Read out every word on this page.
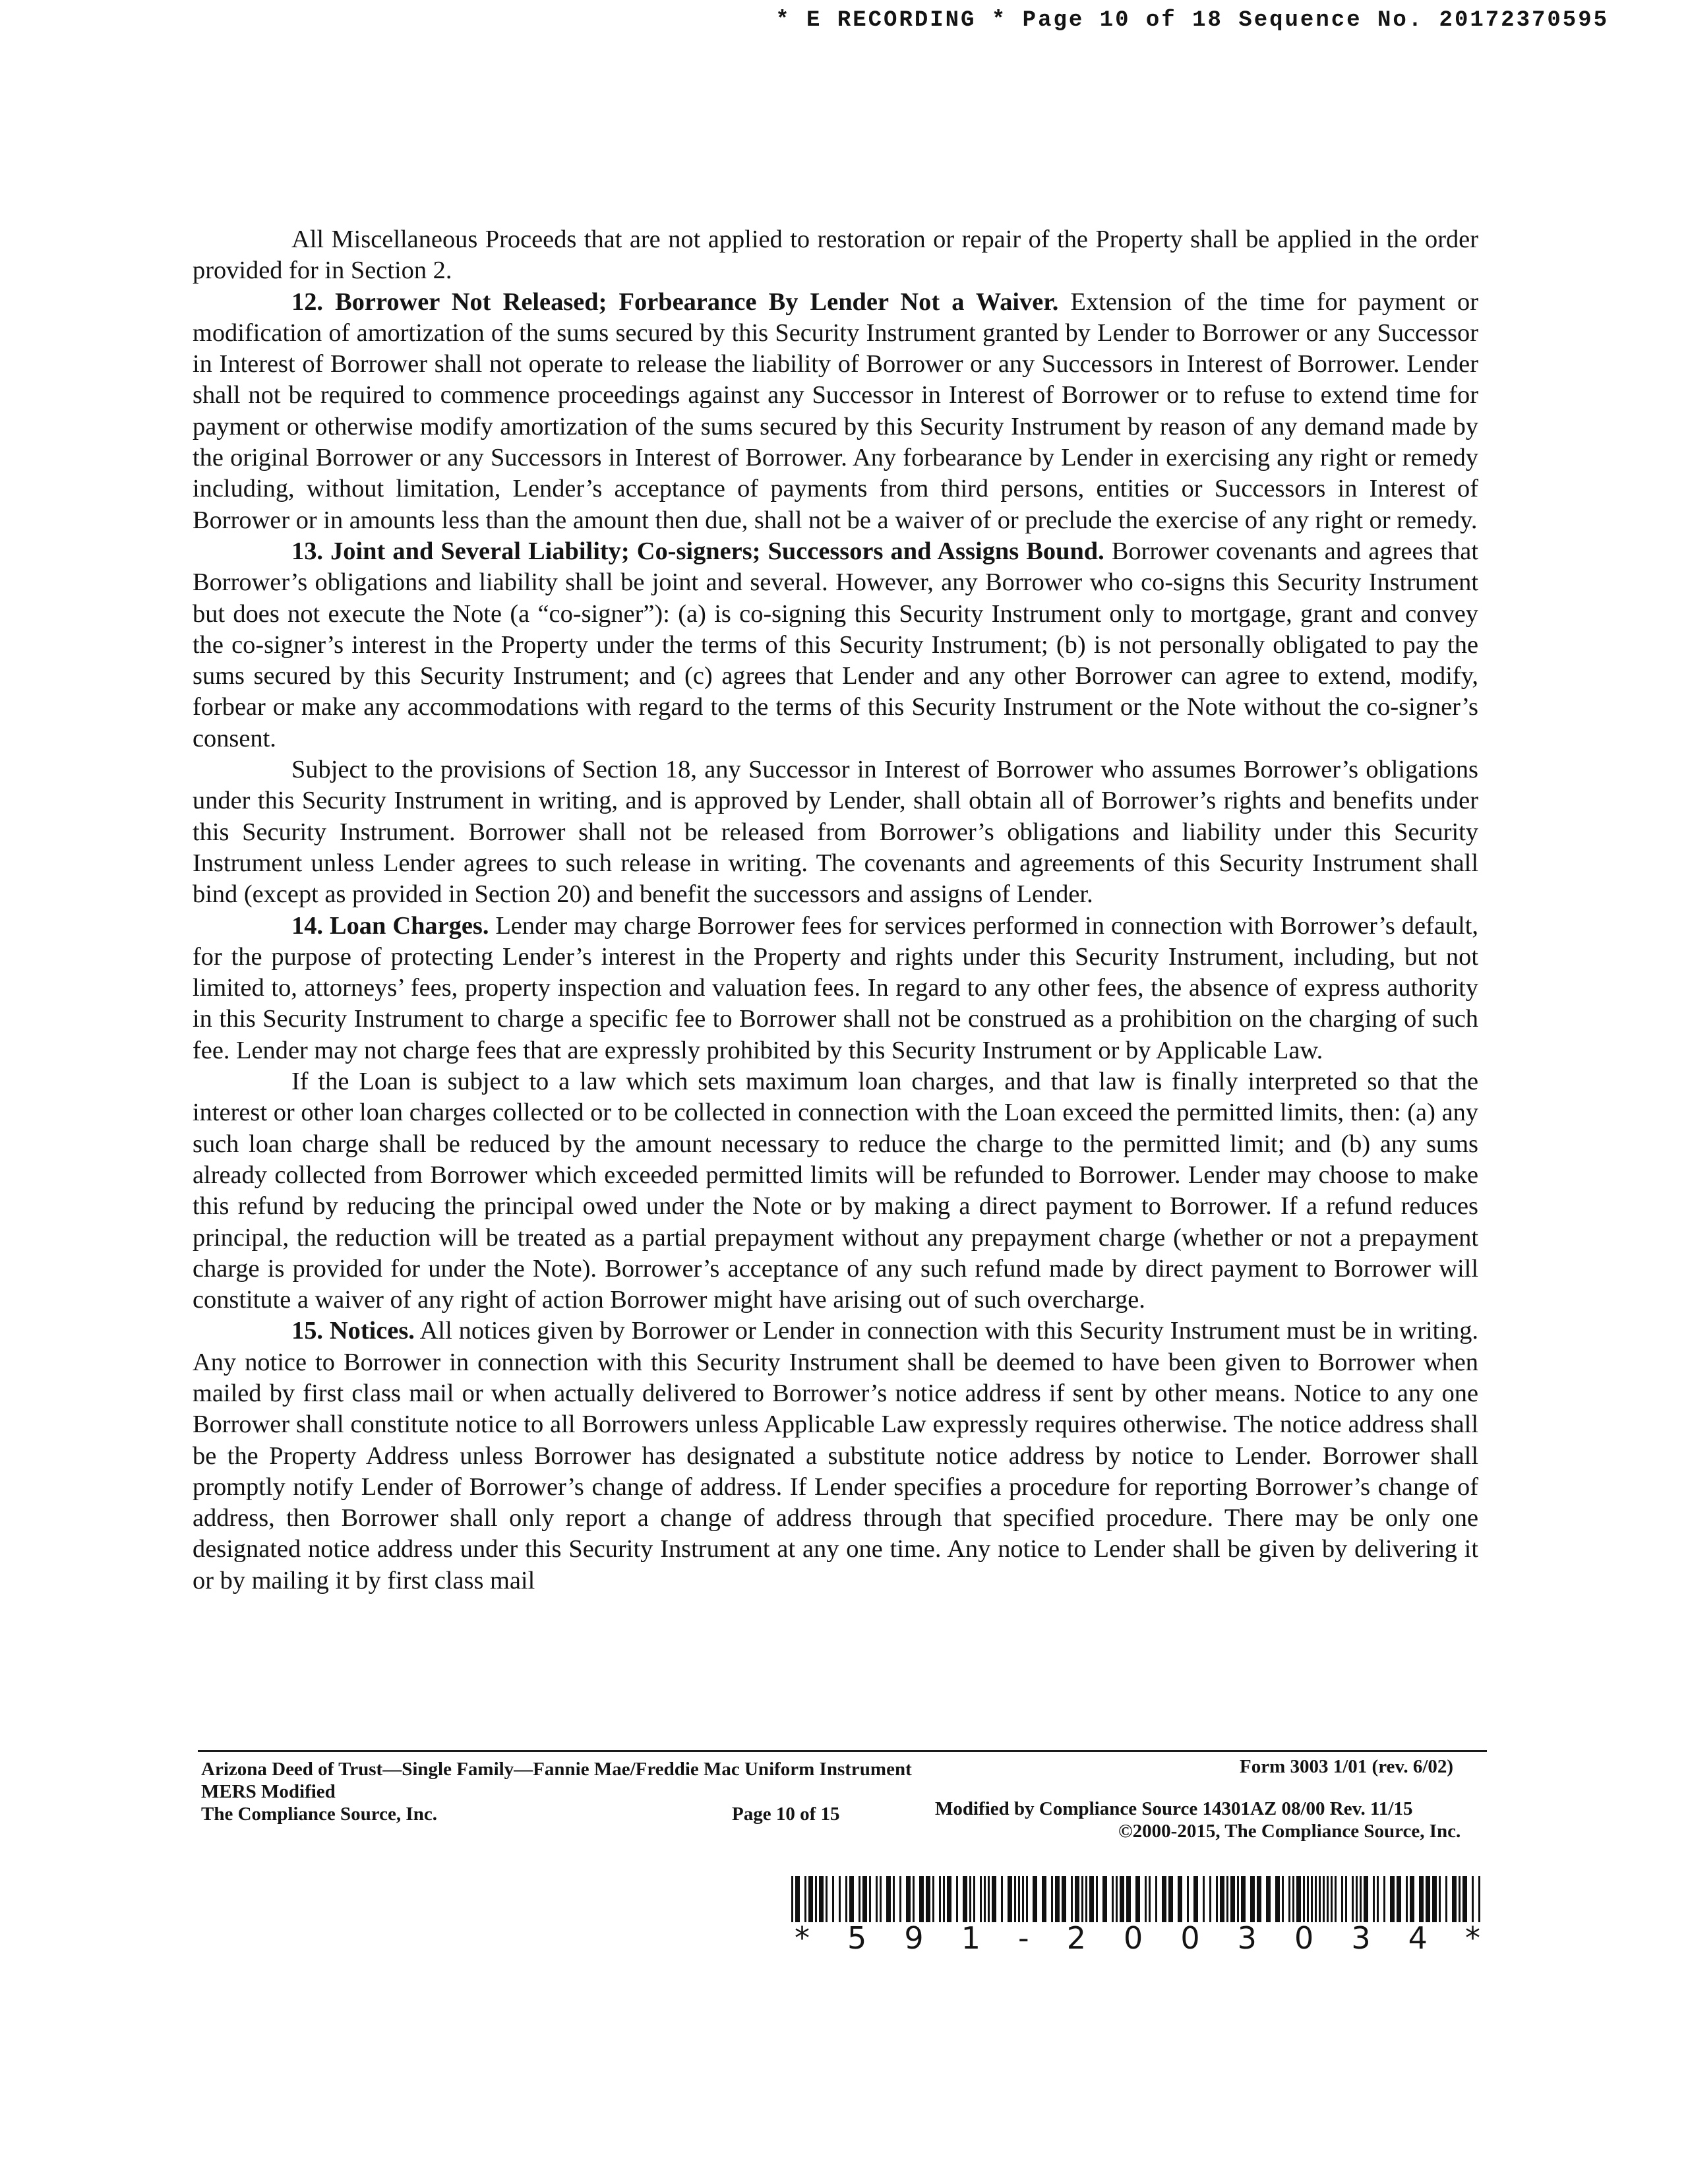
* E RECORDING * Page 10 of 18 Sequence No. 20172370595

All Miscellaneous Proceeds that are not applied to restoration or repair of the Property shall be applied in the order provided for in Section 2.

12. Borrower Not Released; Forbearance By Lender Not a Waiver. Extension of the time for payment or modification of amortization of the sums secured by this Security Instrument granted by Lender to Borrower or any Successor in Interest of Borrower shall not operate to release the liability of Borrower or any Successors in Interest of Borrower. Lender shall not be required to commence proceedings against any Successor in Interest of Borrower or to refuse to extend time for payment or otherwise modify amortization of the sums secured by this Security Instrument by reason of any demand made by the original Borrower or any Successors in Interest of Borrower. Any forbearance by Lender in exercising any right or remedy including, without limitation, Lender’s acceptance of payments from third persons, entities or Successors in Interest of Borrower or in amounts less than the amount then due, shall not be a waiver of or preclude the exercise of any right or remedy.

13. Joint and Several Liability; Co-signers; Successors and Assigns Bound. Borrower covenants and agrees that Borrower’s obligations and liability shall be joint and several. However, any Borrower who co-signs this Security Instrument but does not execute the Note (a “co-signer”): (a) is co-signing this Security Instrument only to mortgage, grant and convey the co-signer’s interest in the Property under the terms of this Security Instrument; (b) is not personally obligated to pay the sums secured by this Security Instrument; and (c) agrees that Lender and any other Borrower can agree to extend, modify, forbear or make any accommodations with regard to the terms of this Security Instrument or the Note without the co-signer’s consent.

Subject to the provisions of Section 18, any Successor in Interest of Borrower who assumes Borrower’s obligations under this Security Instrument in writing, and is approved by Lender, shall obtain all of Borrower’s rights and benefits under this Security Instrument. Borrower shall not be released from Borrower’s obligations and liability under this Security Instrument unless Lender agrees to such release in writing. The covenants and agreements of this Security Instrument shall bind (except as provided in Section 20) and benefit the successors and assigns of Lender.

14. Loan Charges. Lender may charge Borrower fees for services performed in connection with Borrower’s default, for the purpose of protecting Lender’s interest in the Property and rights under this Security Instrument, including, but not limited to, attorneys’ fees, property inspection and valuation fees. In regard to any other fees, the absence of express authority in this Security Instrument to charge a specific fee to Borrower shall not be construed as a prohibition on the charging of such fee. Lender may not charge fees that are expressly prohibited by this Security Instrument or by Applicable Law.

If the Loan is subject to a law which sets maximum loan charges, and that law is finally interpreted so that the interest or other loan charges collected or to be collected in connection with the Loan exceed the permitted limits, then: (a) any such loan charge shall be reduced by the amount necessary to reduce the charge to the permitted limit; and (b) any sums already collected from Borrower which exceeded permitted limits will be refunded to Borrower. Lender may choose to make this refund by reducing the principal owed under the Note or by making a direct payment to Borrower. If a refund reduces principal, the reduction will be treated as a partial prepayment without any prepayment charge (whether or not a prepayment charge is provided for under the Note). Borrower’s acceptance of any such refund made by direct payment to Borrower will constitute a waiver of any right of action Borrower might have arising out of such overcharge.

15. Notices. All notices given by Borrower or Lender in connection with this Security Instrument must be in writing. Any notice to Borrower in connection with this Security Instrument shall be deemed to have been given to Borrower when mailed by first class mail or when actually delivered to Borrower’s notice address if sent by other means. Notice to any one Borrower shall constitute notice to all Borrowers unless Applicable Law expressly requires otherwise. The notice address shall be the Property Address unless Borrower has designated a substitute notice address by notice to Lender. Borrower shall promptly notify Lender of Borrower’s change of address. If Lender specifies a procedure for reporting Borrower’s change of address, then Borrower shall only report a change of address through that specified procedure. There may be only one designated notice address under this Security Instrument at any one time. Any notice to Lender shall be given by delivering it or by mailing it by first class mail

Arizona Deed of Trust—Single Family—Fannie Mae/Freddie Mac Uniform Instrument	Form 3003 1/01 (rev. 6/02)
MERS Modified
The Compliance Source, Inc.	Page 10 of 15	Modified by Compliance Source 14301AZ 08/00 Rev. 11/15
©2000-2015, The Compliance Source, Inc.
* 5 9 1 - 2 0 0 3 0 3 4 *
